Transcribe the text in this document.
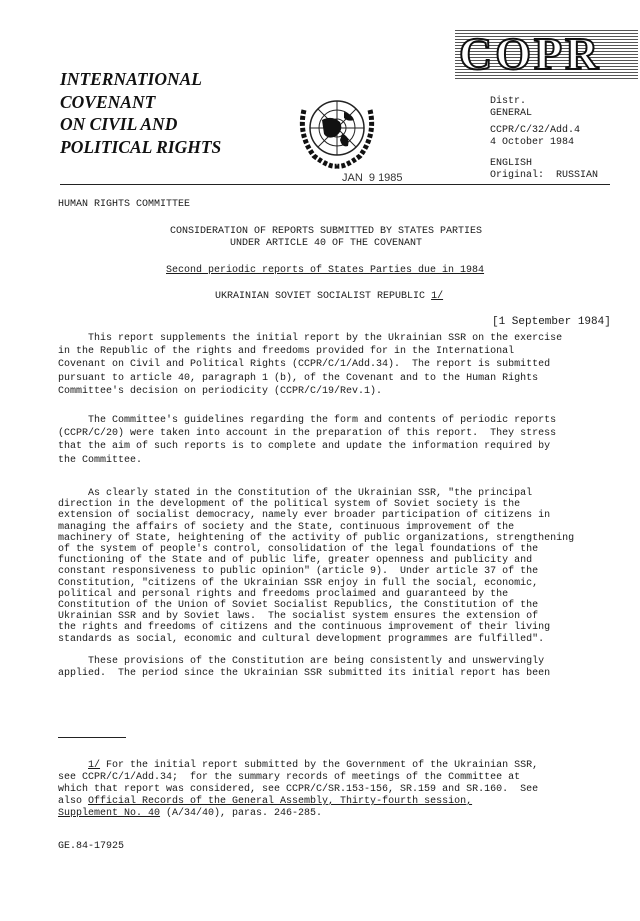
COPR
INTERNATIONAL
COVENANT
ON CIVIL AND
POLITICAL RIGHTS
JAN  9 1985
Distr.
GENERAL
CCPR/C/32/Add.4
4 October 1984
ENGLISH
Original:  RUSSIAN
HUMAN RIGHTS COMMITTEE
CONSIDERATION OF REPORTS SUBMITTED BY STATES PARTIES
UNDER ARTICLE 40 OF THE COVENANT
Second periodic reports of States Parties due in 1984
UKRAINIAN SOVIET SOCIALIST REPUBLIC 1/
[1 September 1984]
This report supplements the initial report by the Ukrainian SSR on the exercise
in the Republic of the rights and freedoms provided for in the International
Covenant on Civil and Political Rights (CCPR/C/1/Add.34).  The report is submitted
pursuant to article 40, paragraph 1 (b), of the Covenant and to the Human Rights
Committee's decision on periodicity (CCPR/C/19/Rev.1).
The Committee's guidelines regarding the form and contents of periodic reports
(CCPR/C/20) were taken into account in the preparation of this report.  They stress
that the aim of such reports is to complete and update the information required by
the Committee.
As clearly stated in the Constitution of the Ukrainian SSR, "the principal
direction in the development of the political system of Soviet society is the
extension of socialist democracy, namely ever broader participation of citizens in
managing the affairs of society and the State, continuous improvement of the
machinery of State, heightening of the activity of public organizations, strengthening
of the system of people's control, consolidation of the legal foundations of the
functioning of the State and of public life, greater openness and publicity and
constant responsiveness to public opinion" (article 9).  Under article 37 of the
Constitution, "citizens of the Ukrainian SSR enjoy in full the social, economic,
political and personal rights and freedoms proclaimed and guaranteed by the
Constitution of the Union of Soviet Socialist Republics, the Constitution of the
Ukrainian SSR and by Soviet laws.  The socialist system ensures the extension of
the rights and freedoms of citizens and the continuous improvement of their living
standards as social, economic and cultural development programmes are fulfilled".
These provisions of the Constitution are being consistently and unswervingly
applied.  The period since the Ukrainian SSR submitted its initial report has been
1/ For the initial report submitted by the Government of the Ukrainian SSR,
see CCPR/C/1/Add.34;  for the summary records of meetings of the Committee at
which that report was considered, see CCPR/C/SR.153-156, SR.159 and SR.160.  See
also Official Records of the General Assembly, Thirty-fourth session,
Supplement No. 40 (A/34/40), paras. 246-285.
GE.84-17925
